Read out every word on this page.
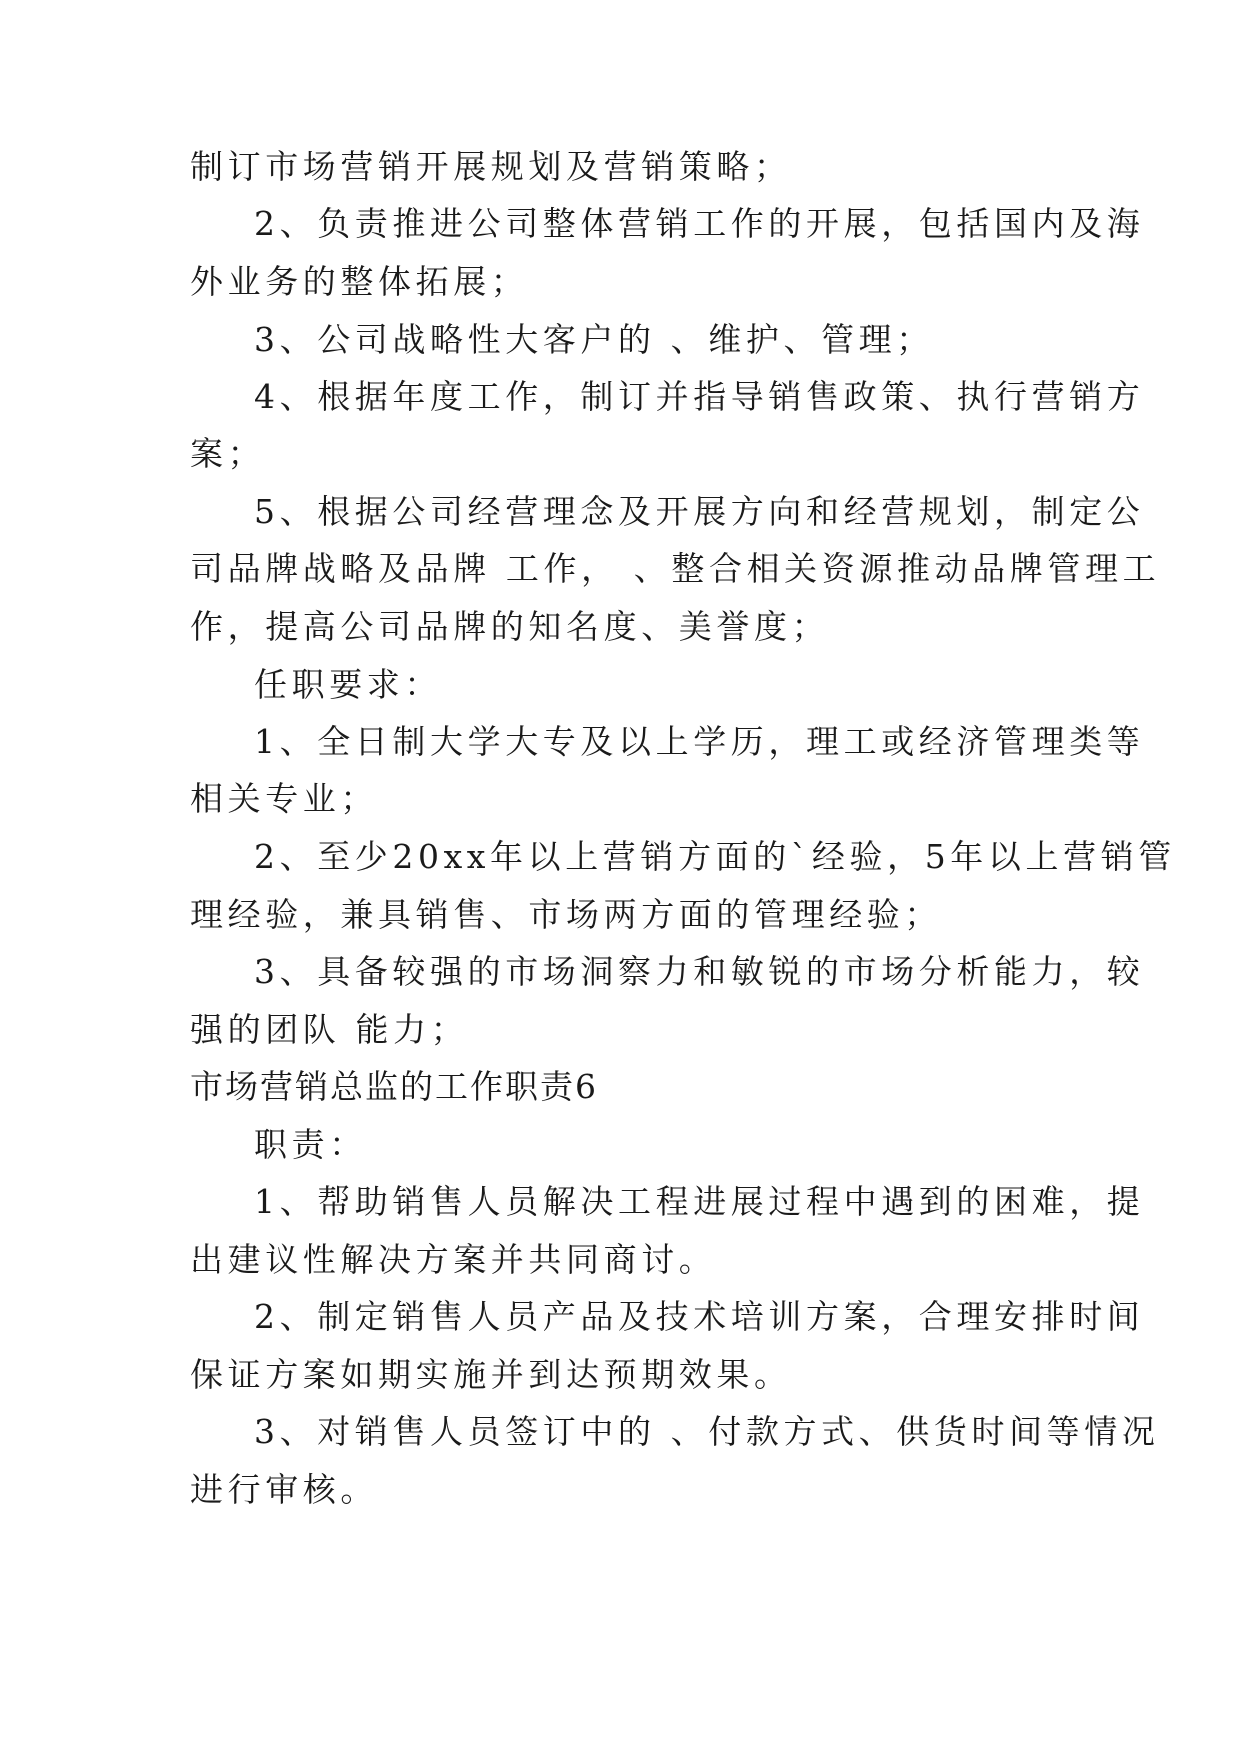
制订市场营销开展规划及营销策略；
2、负责推进公司整体营销工作的开展，包括国内及海
外业务的整体拓展；
3、公司战略性大客户的 、维护、管理；
4、根据年度工作，制订并指导销售政策、执行营销方
案；
5、根据公司经营理念及开展方向和经营规划，制定公
司品牌战略及品牌 工作， 、整合相关资源推动品牌管理工
作，提高公司品牌的知名度、美誉度；
任职要求：
1、全日制大学大专及以上学历，理工或经济管理类等
相关专业；
2、至少20xx年以上营销方面的`经验，5年以上营销管
理经验，兼具销售、市场两方面的管理经验；
3、具备较强的市场洞察力和敏锐的市场分析能力，较
强的团队 能力；
市场营销总监的工作职责6
职责：
1、帮助销售人员解决工程进展过程中遇到的困难，提
出建议性解决方案并共同商讨。
2、制定销售人员产品及技术培训方案，合理安排时间
保证方案如期实施并到达预期效果。
3、对销售人员签订中的 、付款方式、供货时间等情况
进行审核。
